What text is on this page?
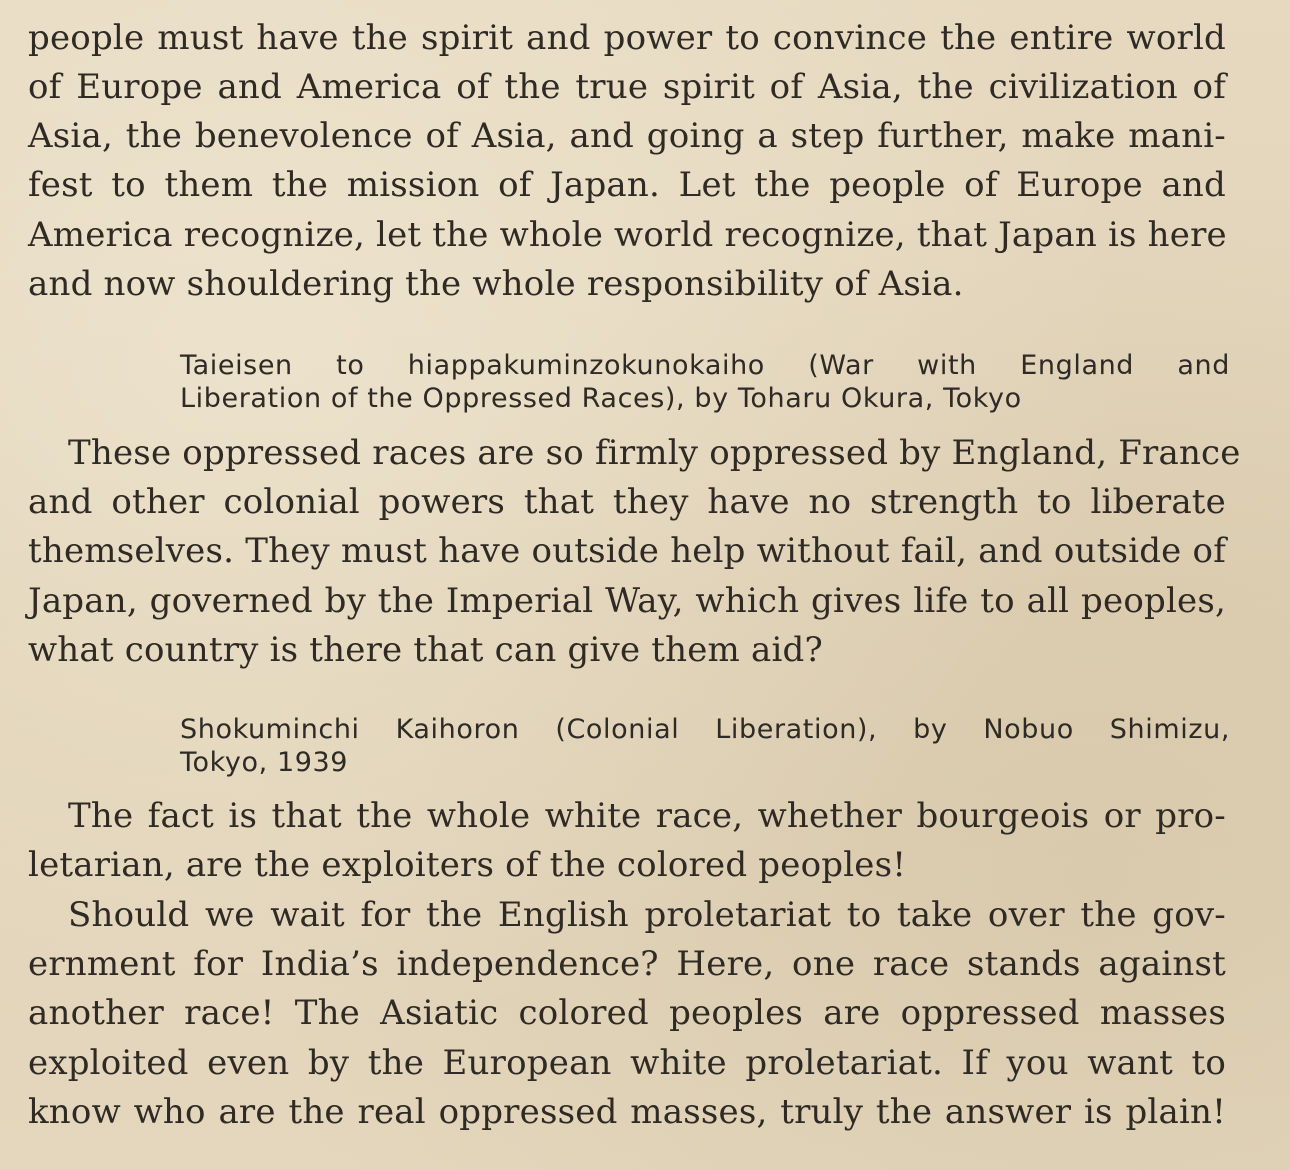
people must have the spirit and power to convince the entire world
of Europe and America of the true spirit of Asia, the civilization of
Asia, the benevolence of Asia, and going a step further, make mani-
fest to them the mission of Japan. Let the people of Europe and
America recognize, let the whole world recognize, that Japan is here
and now shouldering the whole responsibility of Asia.
Taieisen to hiappakuminzokunokaiho (War with England and
Liberation of the Oppressed Races), by Toharu Okura, Tokyo
These oppressed races are so firmly oppressed by England, France
and other colonial powers that they have no strength to liberate
themselves. They must have outside help without fail, and outside of
Japan, governed by the Imperial Way, which gives life to all peoples,
what country is there that can give them aid?
Shokuminchi Kaihoron (Colonial Liberation), by Nobuo Shimizu,
Tokyo, 1939
The fact is that the whole white race, whether bourgeois or pro-
letarian, are the exploiters of the colored peoples!
Should we wait for the English proletariat to take over the gov-
ernment for India’s independence? Here, one race stands against
another race! The Asiatic colored peoples are oppressed masses
exploited even by the European white proletariat. If you want to
know who are the real oppressed masses, truly the answer is plain!
